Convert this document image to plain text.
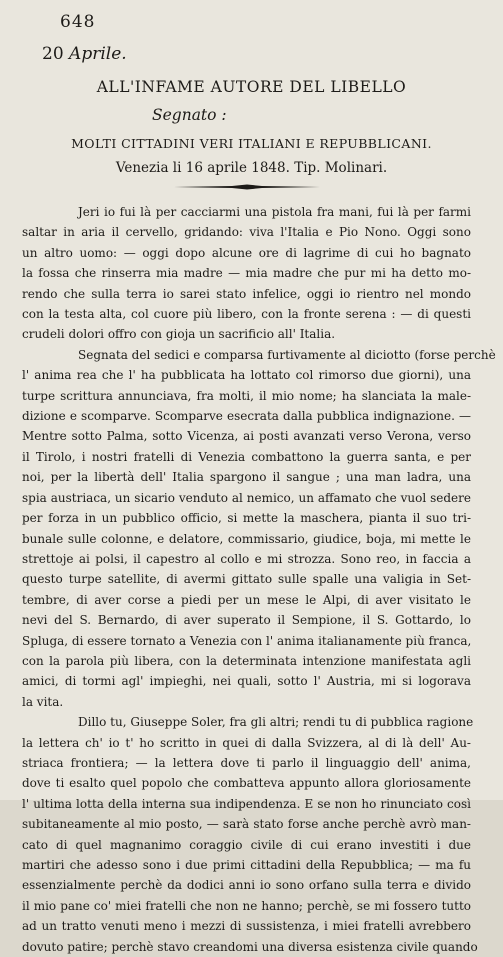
648
20 Aprile.
ALL'INFAME AUTORE DEL LIBELLO
Segnato :
MOLTI CITTADINI VERI ITALIANI E REPUBBLICANI.
Venezia li 16 aprile 1848. Tip. Molinari.

Jeri io fui là per cacciarmi una pistola fra mani, fui là per farmi
saltar in aria il cervello, gridando: viva l'Italia e Pio Nono. Oggi sono
un altro uomo: — oggi dopo alcune ore di lagrime di cui ho bagnato
la fossa che rinserra mia madre — mia madre che pur mi ha detto mo-
rendo che sulla terra io sarei stato infelice, oggi io rientro nel mondo
con la testa alta, col cuore più libero, con la fronte serena : — di questi
crudeli dolori offro con gioja un sacrificio all' Italia.

Segnata del sedici e comparsa furtivamente al diciotto (forse perchè
l' anima rea che l' ha pubblicata ha lottato col rimorso due giorni), una
turpe scrittura annunciava, fra molti, il mio nome; ha slanciata la male-
dizione e scomparve. Scomparve esecrata dalla pubblica indignazione. —
Mentre sotto Palma, sotto Vicenza, ai posti avanzati verso Verona, verso
il Tirolo, i nostri fratelli di Venezia combattono la guerra santa, e per
noi, per la libertà dell' Italia spargono il sangue ; una man ladra, una
spia austriaca, un sicario venduto al nemico, un affamato che vuol sedere
per forza in un pubblico officio, si mette la maschera, pianta il suo tri-
bunale sulle colonne, e delatore, commissario, giudice, boja, mi mette le
strettoje ai polsi, il capestro al collo e mi strozza. Sono reo, in faccia a
questo turpe satellite, di avermi gittato sulle spalle una valigia in Set-
tembre, di aver corse a piedi per un mese le Alpi, di aver visitato le
nevi del S. Bernardo, di aver superato il Sempione, il S. Gottardo, lo
Spluga, di essere tornato a Venezia con l' anima italianamente più franca,
con la parola più libera, con la determinata intenzione manifestata agli
amici, di tormi agl' impieghi, nei quali, sotto l' Austria, mi si logorava
la vita.

Dillo tu, Giuseppe Soler, fra gli altri; rendi tu di pubblica ragione
la lettera ch' io t' ho scritto in quei di dalla Svizzera, al di là dell' Au-
striaca frontiera; — la lettera dove ti parlo il linguaggio dell' anima,
dove ti esalto quel popolo che combatteva appunto allora gloriosamente
l' ultima lotta della interna sua indipendenza. E se non ho rinunciato così
subitaneamente al mio posto, — sarà stato forse anche perchè avrò man-
cato di quel magnanimo coraggio civile di cui erano investiti i due
martiri che adesso sono i due primi cittadini della Repubblica; — ma fu
essenzialmente perchè da dodici anni io sono orfano sulla terra e divido
il mio pane co' miei fratelli che non ne hanno; perchè, se mi fossero tutto
ad un tratto venuti meno i mezzi di sussistenza, i miei fratelli avrebbero
dovuto patire; perchè stavo creandomi una diversa esistenza civile quando
